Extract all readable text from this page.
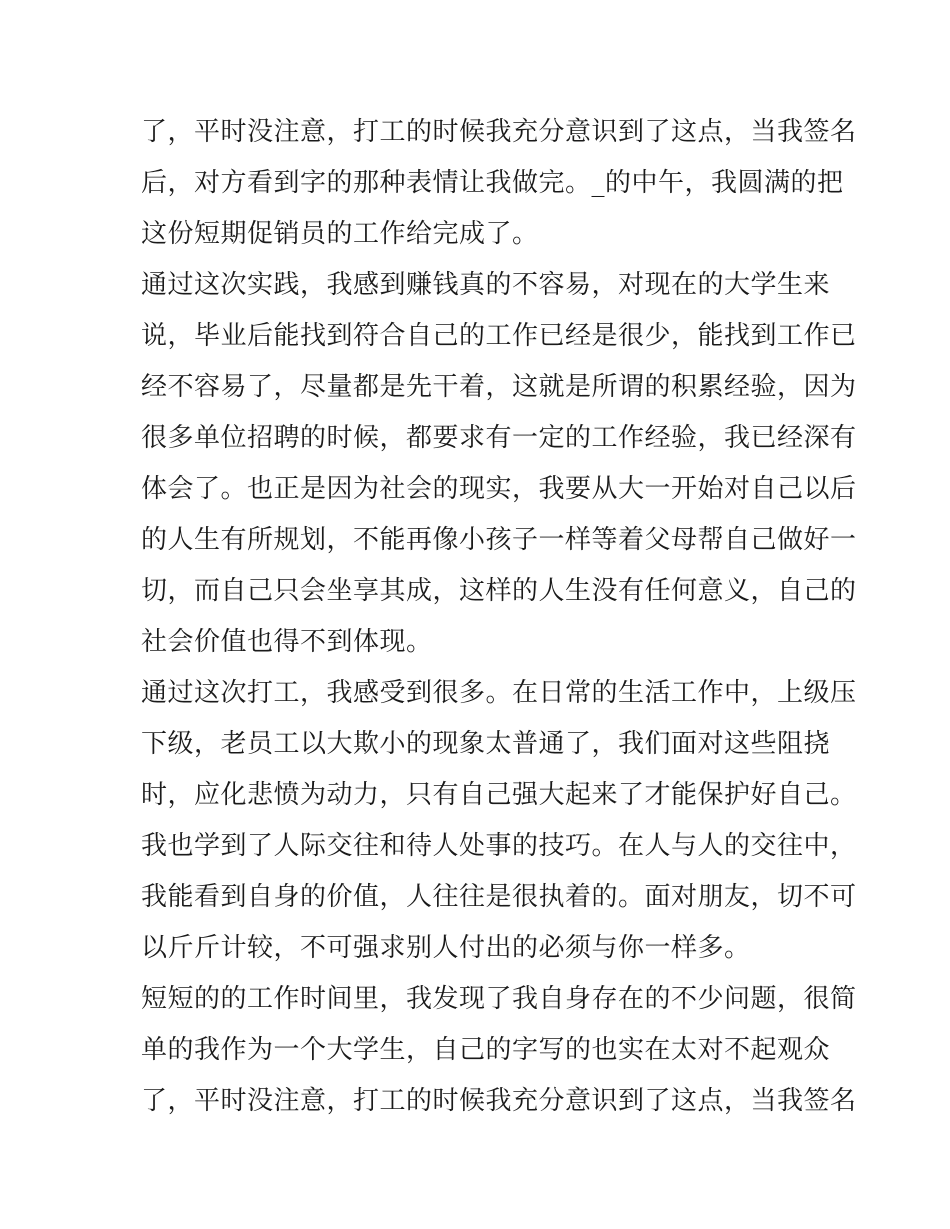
了，平时没注意，打工的时候我充分意识到了这点，当我签名
后，对方看到字的那种表情让我做完。_的中午，我圆满的把
这份短期促销员的工作给完成了。
通过这次实践，我感到赚钱真的不容易，对现在的大学生来
说，毕业后能找到符合自己的工作已经是很少，能找到工作已
经不容易了，尽量都是先干着，这就是所谓的积累经验，因为
很多单位招聘的时候，都要求有一定的工作经验，我已经深有
体会了。也正是因为社会的现实，我要从大一开始对自己以后
的人生有所规划，不能再像小孩子一样等着父母帮自己做好一
切，而自己只会坐享其成，这样的人生没有任何意义，自己的
社会价值也得不到体现。
通过这次打工，我感受到很多。在日常的生活工作中，上级压
下级，老员工以大欺小的现象太普通了，我们面对这些阻挠
时，应化悲愤为动力，只有自己强大起来了才能保护好自己。
我也学到了人际交往和待人处事的技巧。在人与人的交往中，
我能看到自身的价值，人往往是很执着的。面对朋友，切不可
以斤斤计较，不可强求别人付出的必须与你一样多。
短短的的工作时间里，我发现了我自身存在的不少问题，很简
单的我作为一个大学生，自己的字写的也实在太对不起观众
了，平时没注意，打工的时候我充分意识到了这点，当我签名
